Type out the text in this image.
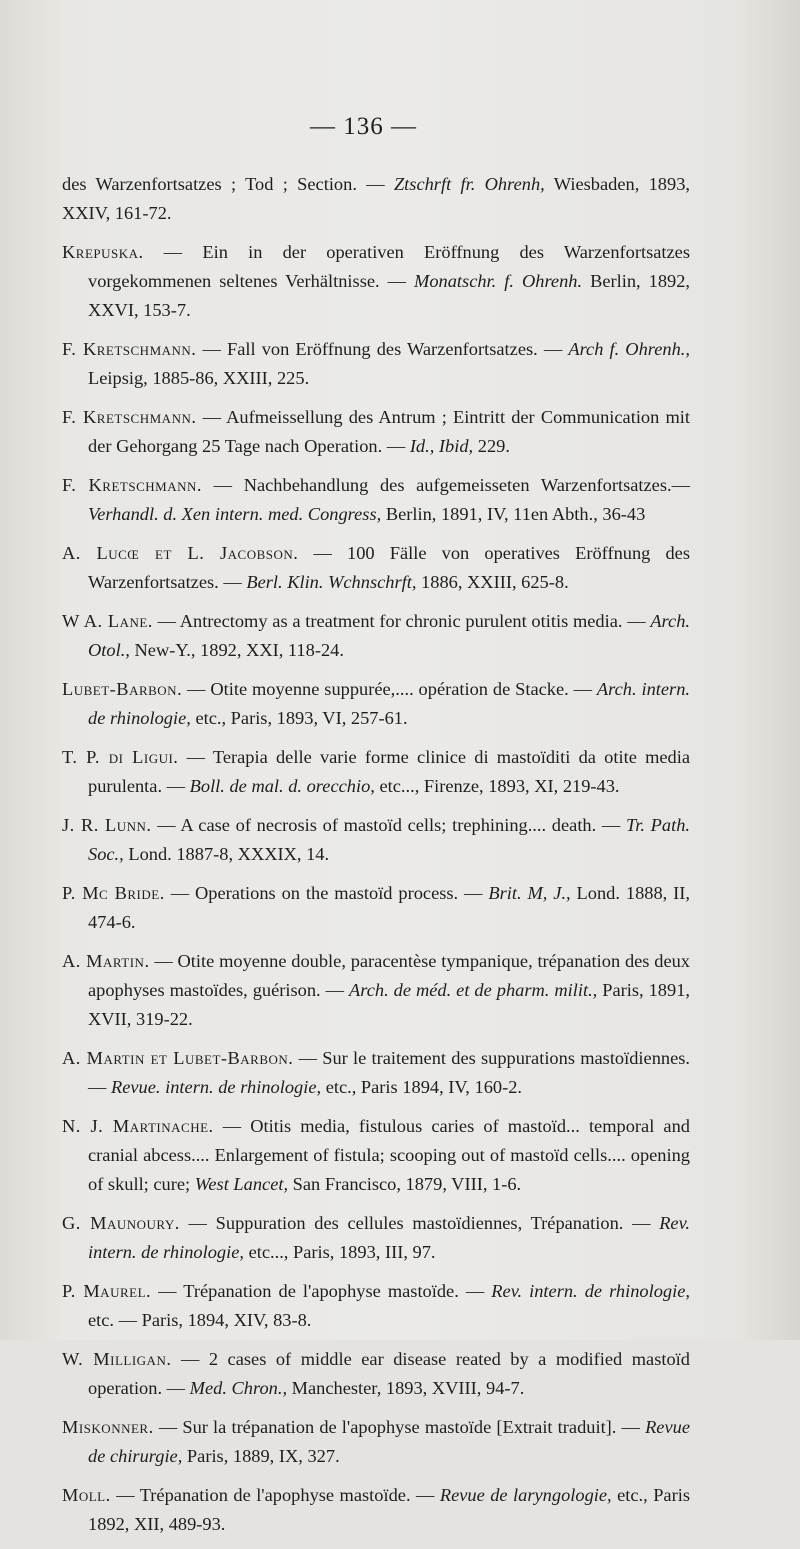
— 136 —
des Warzenfortsatzes ; Tod ; Section. — Ztschrft fr. Ohrenh, Wiesbaden, 1893, XXIV, 161-72.
Krepuska. — Ein in der operativen Eröffnung des Warzenfortsatzes vorgekommenen seltenes Verhältnisse. — Monatschr. f. Ohrenh. Berlin, 1892, XXVI, 153-7.
F. Kretschmann. — Fall von Eröffnung des Warzenfortsatzes. — Arch f. Ohrenh., Leipsig, 1885-86, XXIII, 225.
F. Kretschmann. — Aufmeissellung des Antrum ; Eintritt der Communication mit der Gehorgang 25 Tage nach Operation. — Id., Ibid, 229.
F. Kretschmann. — Nachbehandlung des aufgemeisseten Warzenfortsatzes.— Verhandl. d. Xen intern. med. Congress, Berlin, 1891, IV, 11en Abth., 36-43
A. Lucœ et L. Jacobson. — 100 Fälle von operatives Eröffnung des Warzenfortsatzes. — Berl. Klin. Wchnschrft, 1886, XXIII, 625-8.
W A. Lane. — Antrectomy as a treatment for chronic purulent otitis media. — Arch. Otol., New-Y., 1892, XXI, 118-24.
Lubet-Barbon. — Otite moyenne suppurée,.... opération de Stacke. — Arch. intern. de rhinologie, etc., Paris, 1893, VI, 257-61.
T. P. di Ligui. — Terapia delle varie forme clinice di mastoïditi da otite media purulenta. — Boll. de mal. d. orecchio, etc..., Firenze, 1893, XI, 219-43.
J. R. Lunn. — A case of necrosis of mastoïd cells; trephining.... death. — Tr. Path. Soc., Lond. 1887-8, XXXIX, 14.
P. Mc Bride. — Operations on the mastoïd process. — Brit. M, J., Lond. 1888, II, 474-6.
A. Martin. — Otite moyenne double, paracentèse tympanique, trépanation des deux apophyses mastoïdes, guérison. — Arch. de méd. et de pharm. milit., Paris, 1891, XVII, 319-22.
A. Martin et Lubet-Barbon. — Sur le traitement des suppurations mastoïdiennes. — Revue. intern. de rhinologie, etc., Paris 1894, IV, 160-2.
N. J. Martinache. — Otitis media, fistulous caries of mastoïd... temporal and cranial abcess.... Enlargement of fistula; scooping out of mastoïd cells.... opening of skull; cure; West Lancet, San Francisco, 1879, VIII, 1-6.
G. Maunoury. — Suppuration des cellules mastoïdiennes, Trépanation. — Rev. intern. de rhinologie, etc..., Paris, 1893, III, 97.
P. Maurel. — Trépanation de l'apophyse mastoïde. — Rev. intern. de rhinologie, etc. — Paris, 1894, XIV, 83-8.
W. Milligan. — 2 cases of middle ear disease reated by a modified mastoïd operation. — Med. Chron., Manchester, 1893, XVIII, 94-7.
Miskonner. — Sur la trépanation de l'apophyse mastoïde [Extrait traduit]. — Revue de chirurgie, Paris, 1889, IX, 327.
Moll. — Trépanation de l'apophyse mastoïde. — Revue de laryngologie, etc., Paris 1892, XII, 489-93.
